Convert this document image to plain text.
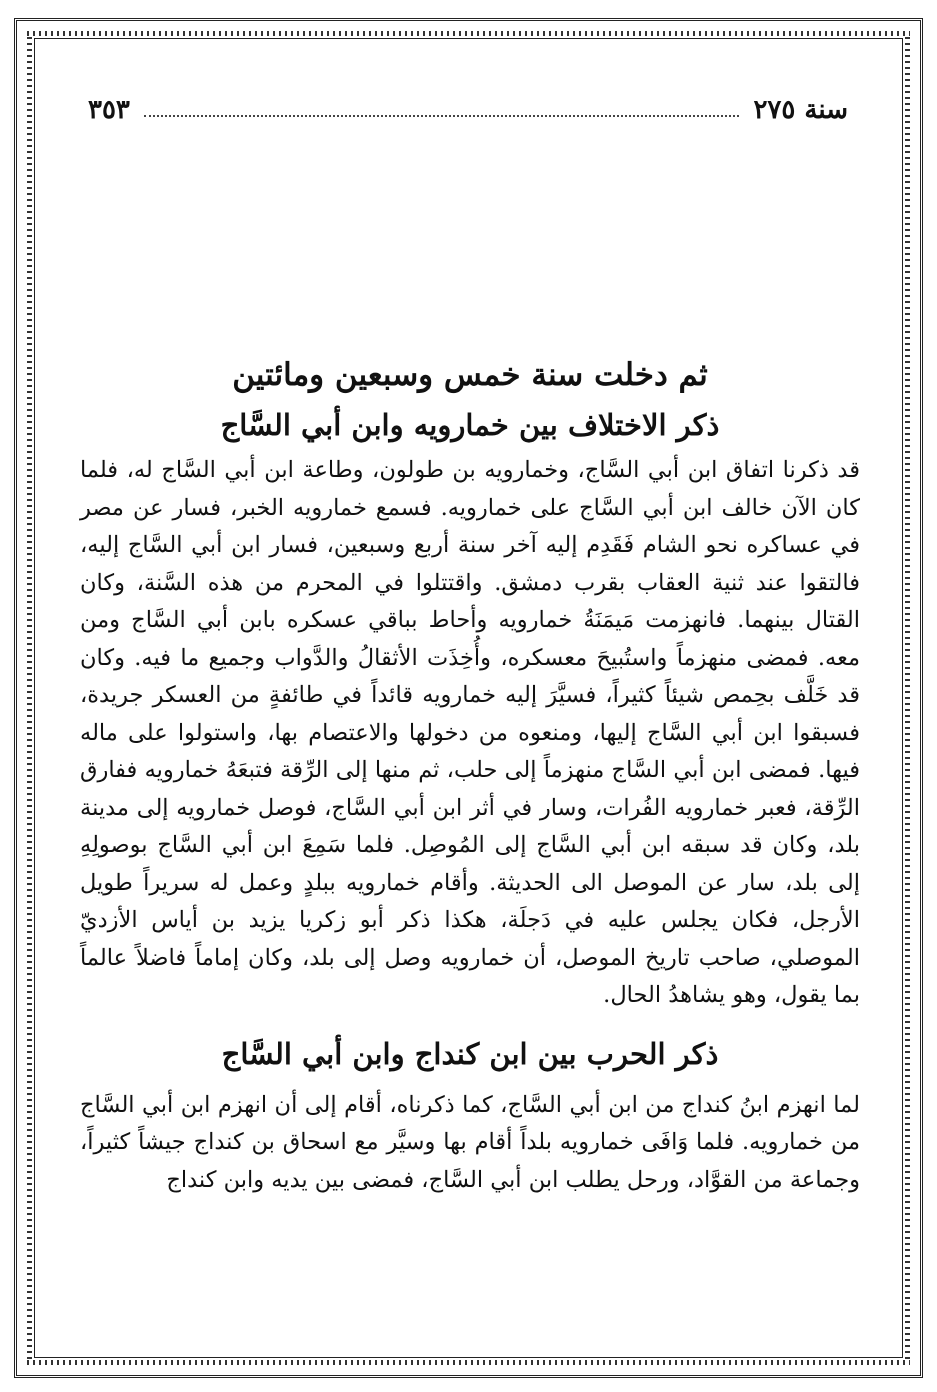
سنة ٢٧٥
٣٥٣
ثم دخلت سنة خمس وسبعين ومائتين
ذكر الاختلاف بين خمارويه وابن أبي السَّاج

قد ذكرنا اتفاق ابن أبي السَّاج، وخمارويه بن طولون، وطاعة ابن أبي السَّاج له، فلما كان الآن خالف ابن أبي السَّاج على خمارويه. فسمع خمارويه الخبر، فسار عن مصر في عساكره نحو الشام فَقَدِم إليه آخر سنة أربع وسبعين، فسار ابن أبي السَّاج إليه، فالتقوا عند ثنية العقاب بقرب دمشق. واقتتلوا في المحرم من هذه السَّنة، وكان القتال بينهما. فانهزمت مَيمَنَةُ خمارويه وأحاط بباقي عسكره بابن أبي السَّاج ومن معه. فمضى منهزماً واستُبيحَ معسكره، وأُخِذَت الأثقالُ والدَّواب وجميع ما فيه. وكان قد خَلَّف بحِمص شيئاً كثيراً، فسيَّرَ إليه خمارويه قائداً في طائفةٍ من العسكر جريدة، فسبقوا ابن أبي السَّاج إليها، ومنعوه من دخولها والاعتصام بها، واستولوا على ماله فيها. فمضى ابن أبي السَّاج منهزماً إلى حلب، ثم منها إلى الرِّقة فتبعَهُ خمارويه ففارق الرِّقة، فعبر خمارويه الفُرات، وسار في أثر ابن أبي السَّاج، فوصل خمارويه إلى مدينة بلد، وكان قد سبقه ابن أبي السَّاج إلى المُوصِل. فلما سَمِعَ ابن أبي السَّاج بوصولِهِ إلى بلد، سار عن الموصل الى الحديثة. وأقام خمارويه ببلدٍ وعمل له سريراً طويل الأرجل، فكان يجلس عليه في دَجلَة، هكذا ذكر أبو زكريا يزيد بن أياس الأزديّ الموصلي، صاحب تاريخ الموصل، أن خمارويه وصل إلى بلد، وكان إماماً فاضلاً عالماً بما يقول، وهو يشاهدُ الحال.

ذكر الحرب بين ابن كنداج وابن أبي السَّاج

لما انهزم ابنُ كنداج من ابن أبي السَّاج، كما ذكرناه، أقام إلى أن انهزم ابن أبي السَّاج من خمارويه. فلما وَافَى خمارويه بلداً أقام بها وسيَّر مع اسحاق بن كنداج جيشاً كثيراً، وجماعة من القوَّاد، ورحل يطلب ابن أبي السَّاج، فمضى بين يديه وابن كنداج
